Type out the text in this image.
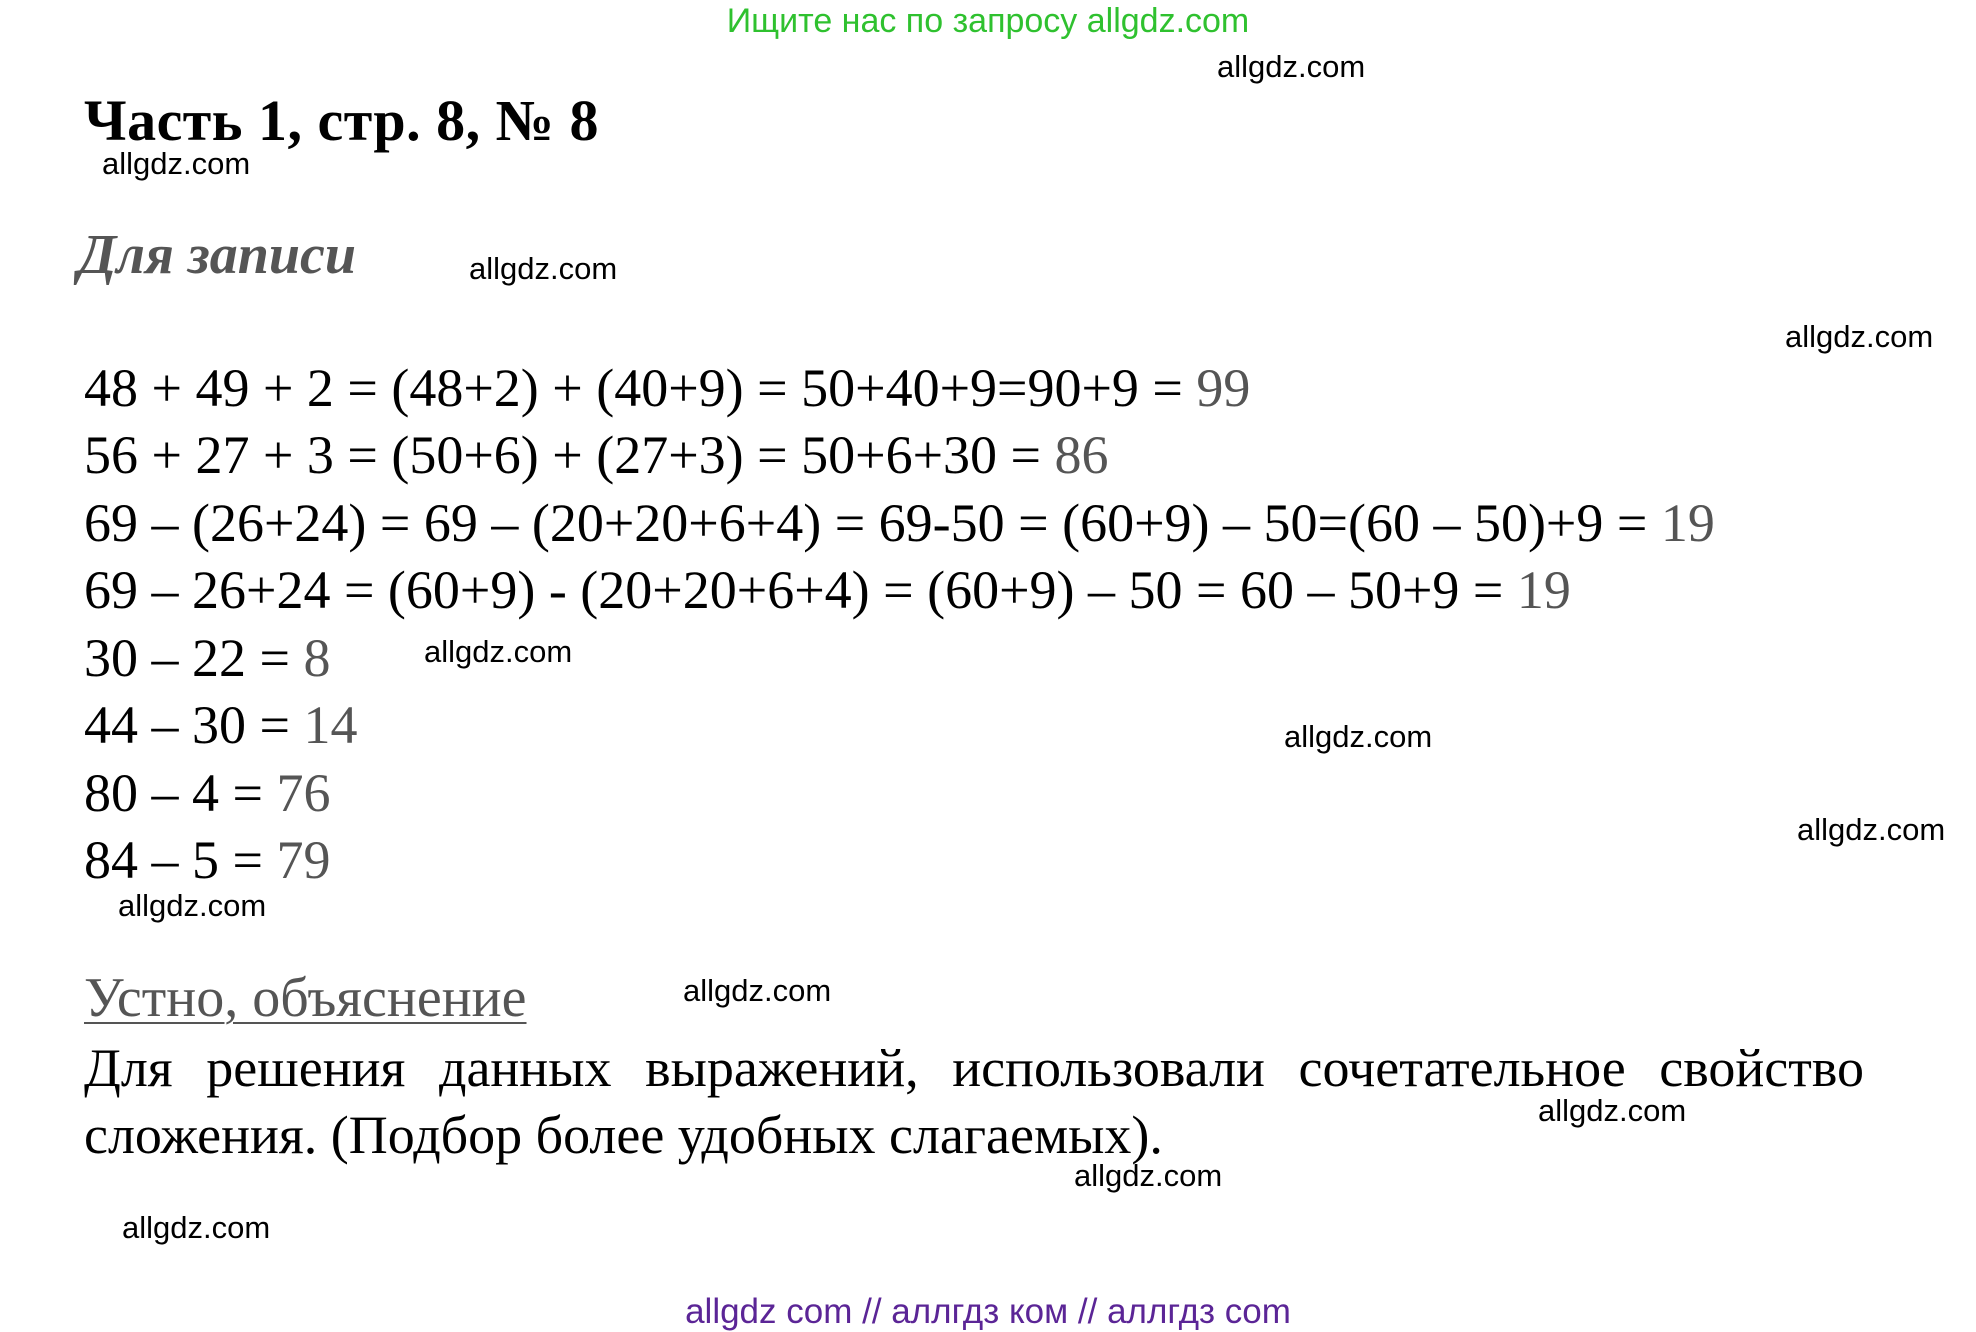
Ищите нас по запросу allgdz.com
Часть 1, стр. 8, № 8
Для записи
48 + 49 + 2 = (48+2) + (40+9) = 50+40+9=90+9 = 99
56 + 27 + 3 = (50+6) + (27+3) = 50+6+30 = 86
69 – (26+24) = 69 – (20+20+6+4) = 69-50 = (60+9) – 50=(60 – 50)+9 = 19
69 – 26+24 = (60+9) - (20+20+6+4) = (60+9) – 50 = 60 – 50+9 = 19
30 – 22 = 8
44 – 30 = 14
80 – 4 = 76
84 – 5 = 79
Устно, объяснение
Для решения данных выражений, использовали сочетательное свойство сложения. (Подбор более удобных слагаемых).
allgdz.com
allgdz.com
allgdz.com
allgdz.com
allgdz.com
allgdz.com
allgdz.com
allgdz.com
allgdz.com
allgdz.com
allgdz.com
allgdz.com
allgdz com // аллгдз ком // аллгдз com
